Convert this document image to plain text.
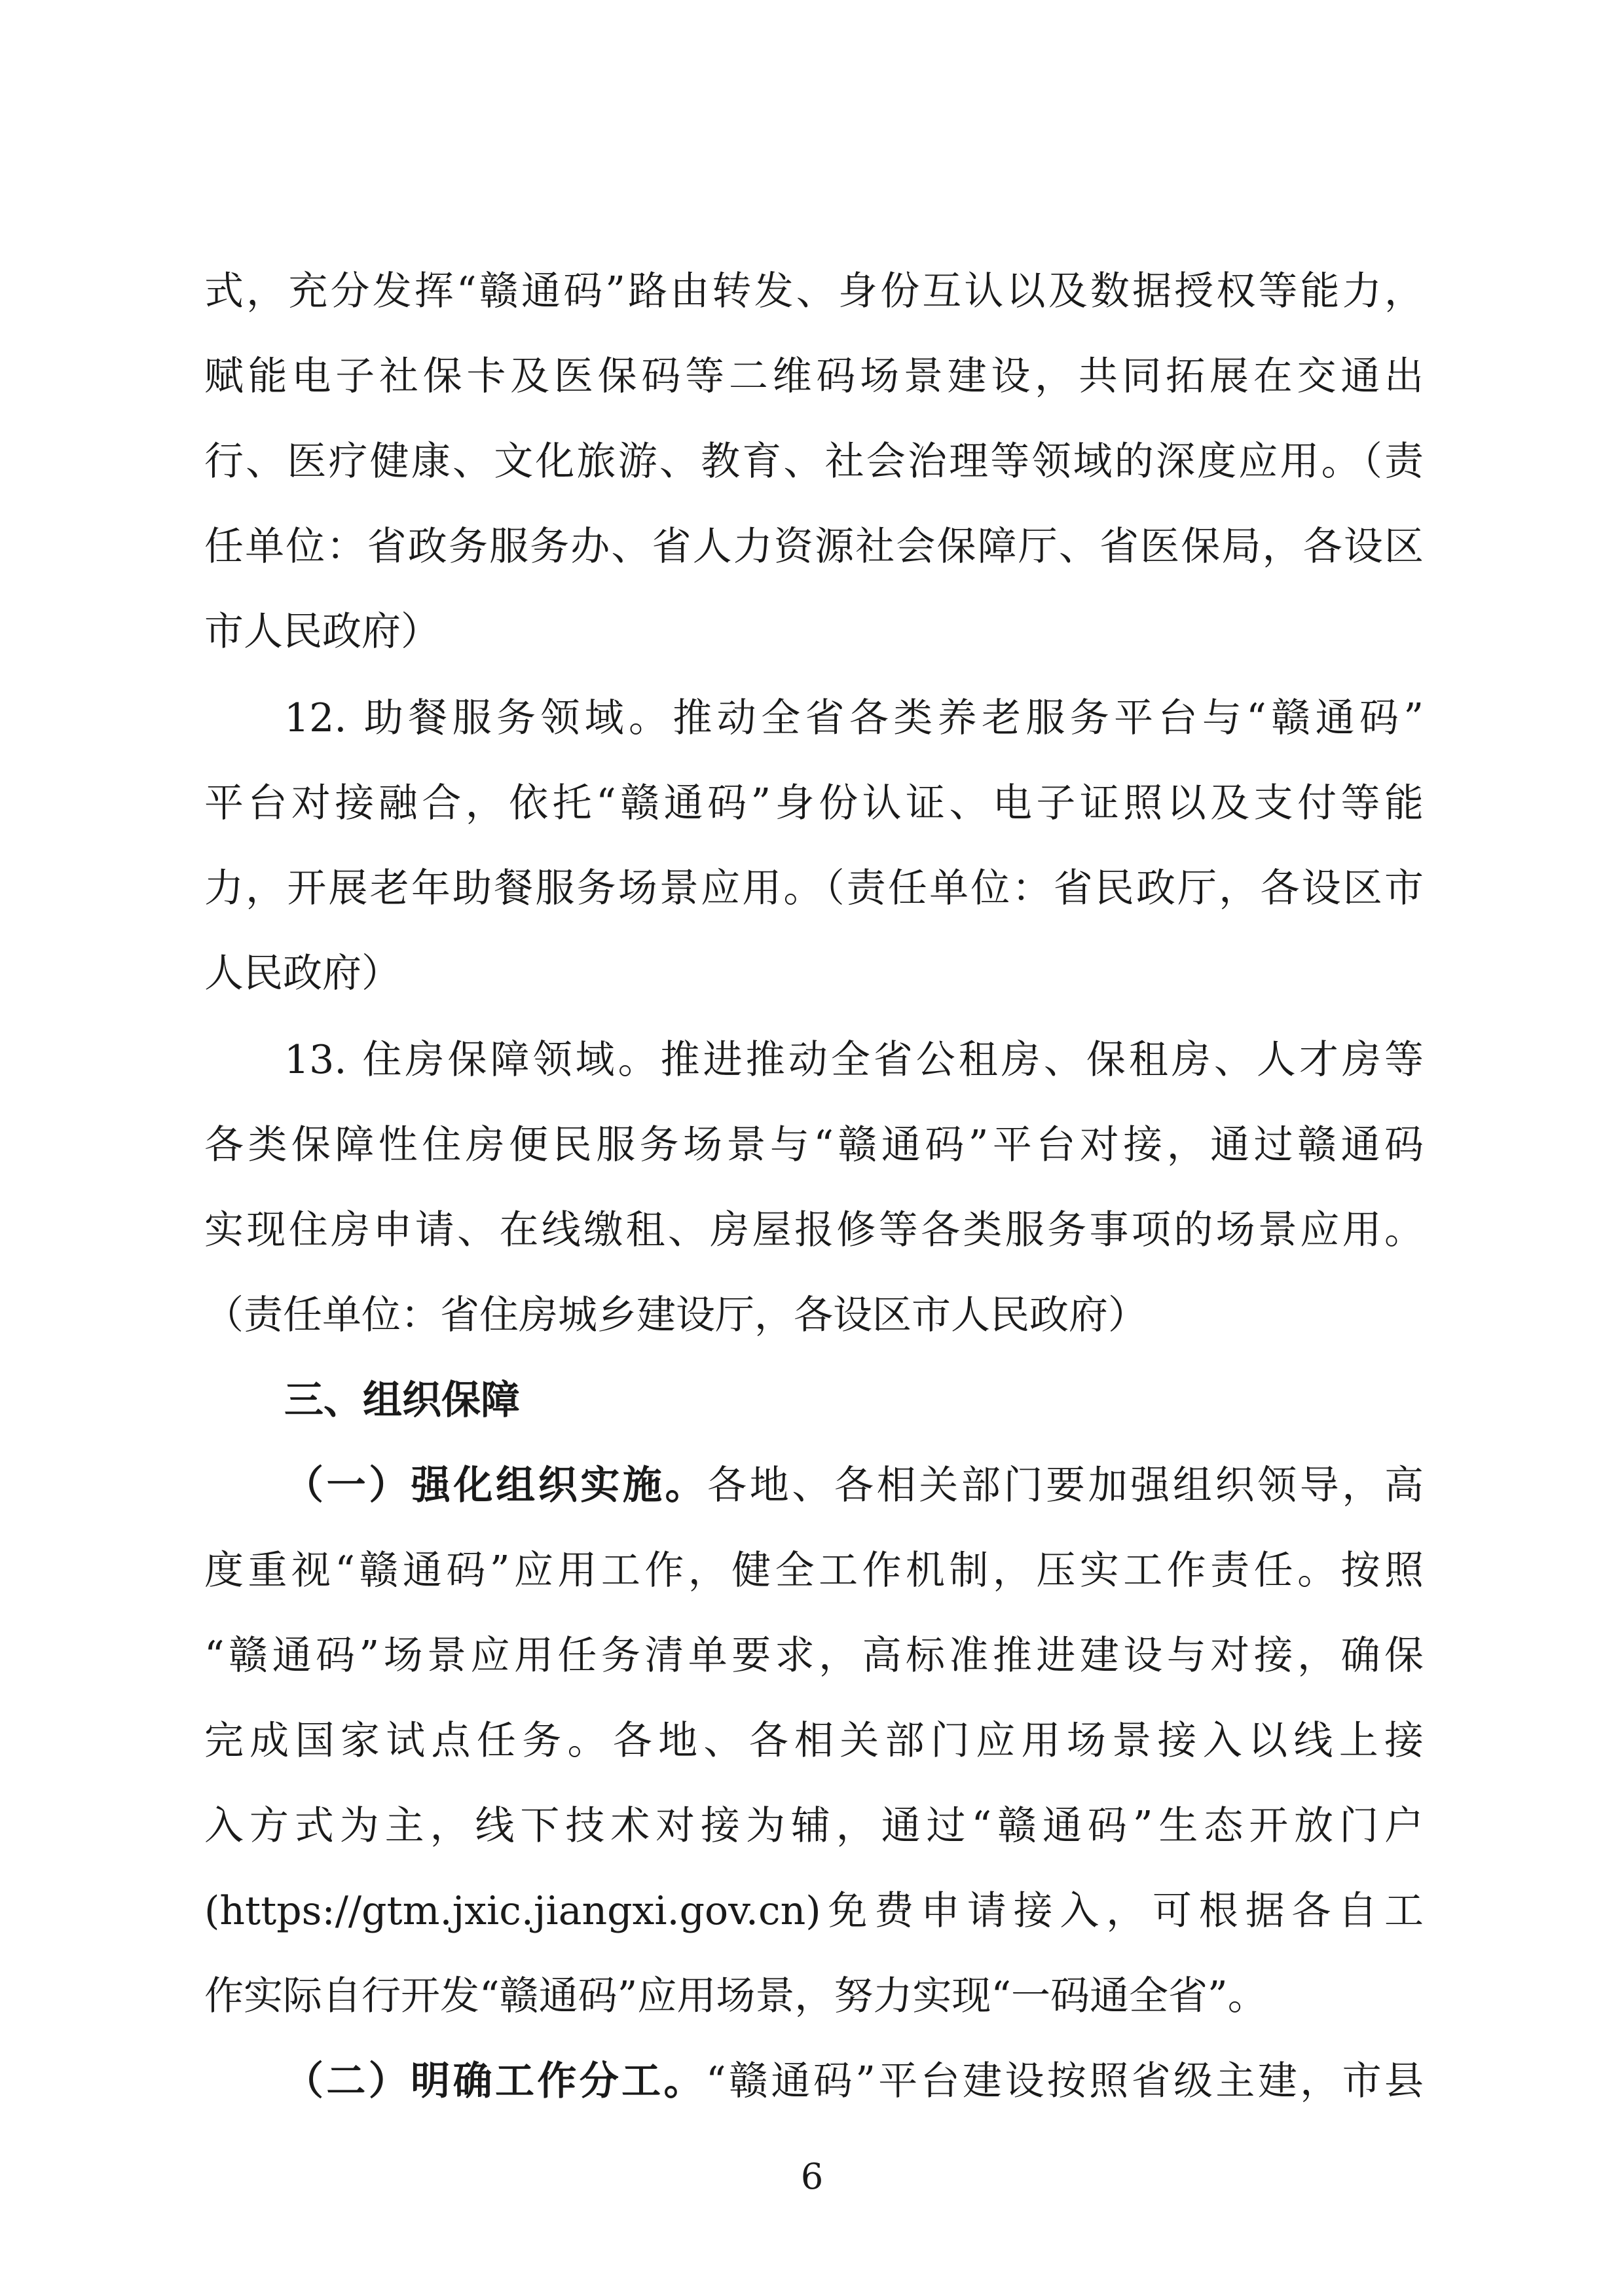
式，充分发挥“赣通码”路由转发、身份互认以及数据授权等能力，
赋能电子社保卡及医保码等二维码场景建设，共同拓展在交通出
行、医疗健康、文化旅游、教育、社会治理等领域的深度应用。（责
任单位：省政务服务办、省人力资源社会保障厅、省医保局，各设区
市人民政府）
12. 助餐服务领域。推动全省各类养老服务平台与“赣通码”
平台对接融合，依托“赣通码”身份认证、电子证照以及支付等能
力，开展老年助餐服务场景应用。（责任单位：省民政厅，各设区市
人民政府）
13. 住房保障领域。推进推动全省公租房、保租房、人才房等
各类保障性住房便民服务场景与“赣通码”平台对接，通过赣通码
实现住房申请、在线缴租、房屋报修等各类服务事项的场景应用。
（责任单位：省住房城乡建设厅，各设区市人民政府）
三、组织保障
（一）强化组织实施。各地、各相关部门要加强组织领导，高
度重视“赣通码”应用工作，健全工作机制，压实工作责任。按照
“赣通码”场景应用任务清单要求，高标准推进建设与对接，确保
完成国家试点任务。各地、各相关部门应用场景接入以线上接
入方式为主，线下技术对接为辅，通过“赣通码”生态开放门户
(https://gtm.jxic.jiangxi.gov.cn)免费申请接入，可根据各自工
作实际自行开发“赣通码”应用场景，努力实现“一码通全省”。
（二）明确工作分工。“赣通码”平台建设按照省级主建，市县
6
